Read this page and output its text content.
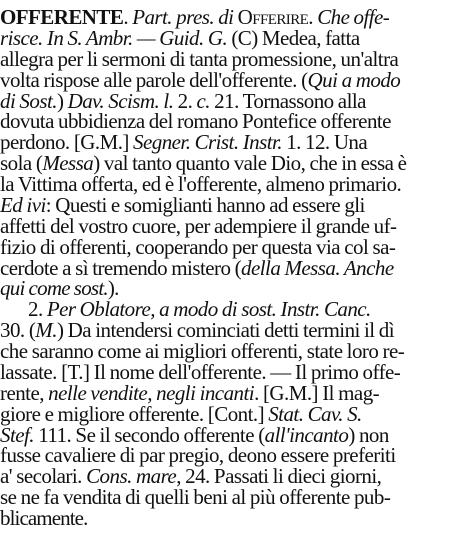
OFFERENTE. Part. pres. di Offerire. Che offe-
risce. In S. Ambr. — Guid. G. (C) Medea, fatta
allegra per li sermoni di tanta promessione, un'altra
volta rispose alle parole dell'offerente. (Qui a modo
di Sost.) Dav. Scism. l. 2. c. 21. Tornassono alla
dovuta ubbidienza del romano Pontefice offerente
perdono. [G.M.] Segner. Crist. Instr. 1. 12. Una
sola (Messa) val tanto quanto vale Dio, che in essa è
la Vittima offerta, ed è l'offerente, almeno primario.
Ed ivi: Questi e somiglianti hanno ad essere gli
affetti del vostro cuore, per adempiere il grande uf-
fizio di offerenti, cooperando per questa via col sa-
cerdote a sì tremendo mistero (della Messa. Anche
qui come sost.).
2. Per Oblatore, a modo di sost. Instr. Canc.
30. (M.) Da intendersi cominciati detti termini il dì
che saranno come ai migliori offerenti, state loro re-
lassate. [T.] Il nome dell'offerente. — Il primo offe-
rente, nelle vendite, negli incanti. [G.M.] Il mag-
giore e migliore offerente. [Cont.] Stat. Cav. S.
Stef. 111. Se il secondo offerente (all'incanto) non
fusse cavaliere di par pregio, deono essere preferiti
a' secolari. Cons. mare, 24. Passati li dieci giorni,
se ne fa vendita di quelli beni al più offerente pub-
blicamente.
